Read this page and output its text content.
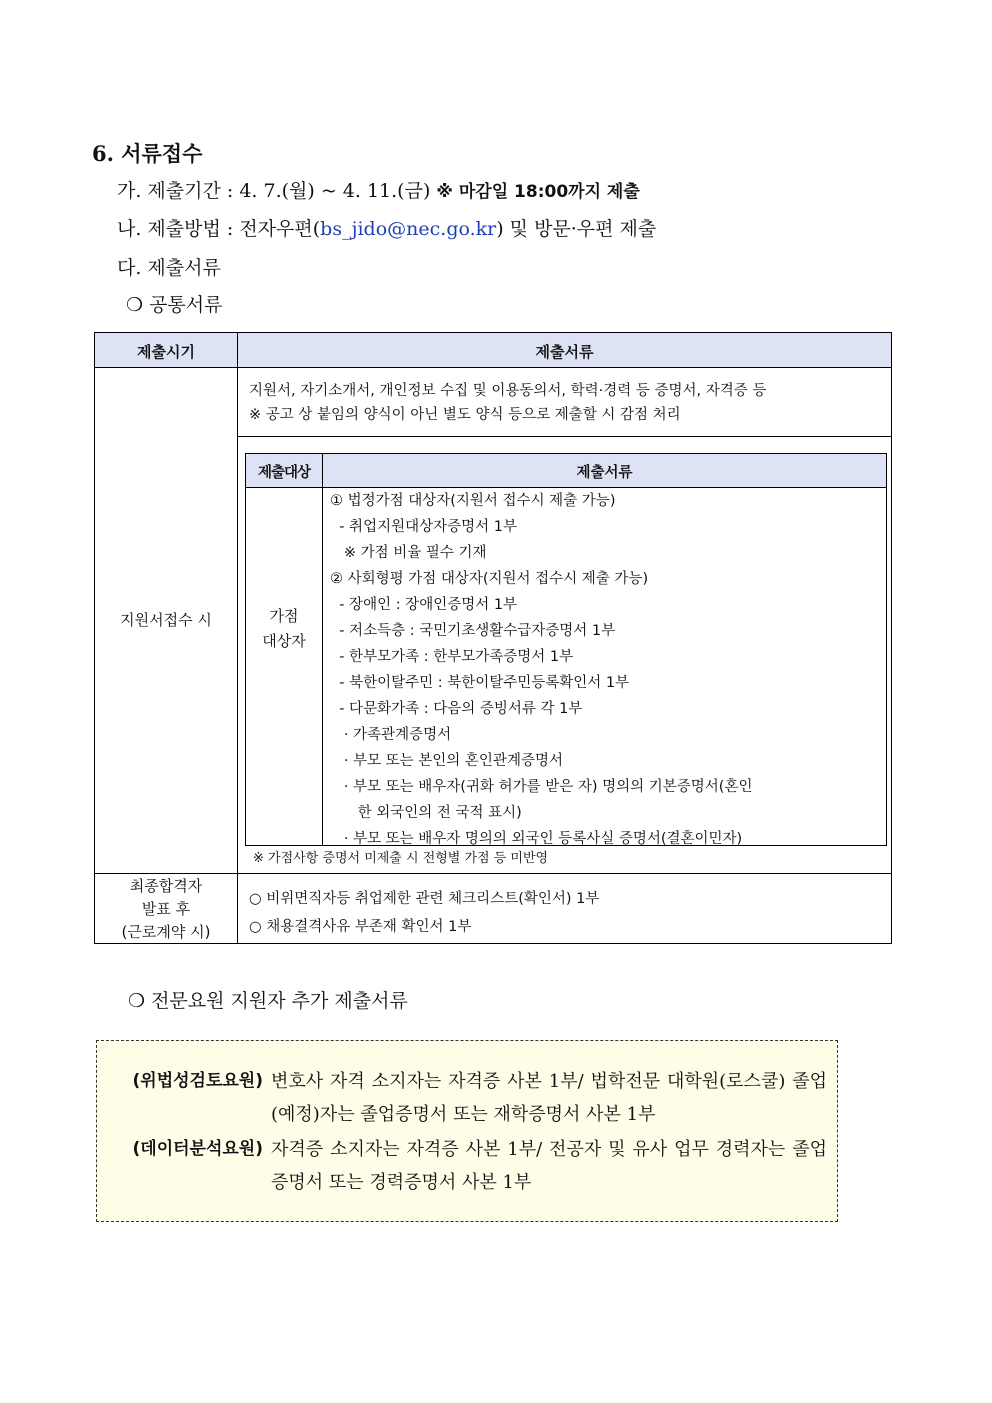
6. 서류접수
가. 제출기간 : 4. 7.(월) ~ 4. 11.(금) ※ 마감일 18:00까지 제출
나. 제출방법 : 전자우편(bs_jido@nec.go.kr) 및 방문·우편 제출
다. 제출서류
❍ 공통서류
제출시기	제출서류
지원서접수 시
지원서, 자기소개서, 개인정보 수집 및 이용동의서, 학력·경력 등 증명서, 자격증 등
※ 공고 상 붙임의 양식이 아닌 별도 양식 등으로 제출할 시 감점 처리
제출대상	제출서류
가점
대상자
① 법정가점 대상자(지원서 접수시 제출 가능)
- 취업지원대상자증명서 1부
※ 가점 비율 필수 기재
② 사회형평 가점 대상자(지원서 접수시 제출 가능)
- 장애인 : 장애인증명서 1부
- 저소득층 : 국민기초생활수급자증명서 1부
- 한부모가족 : 한부모가족증명서 1부
- 북한이탈주민 : 북한이탈주민등록확인서 1부
- 다문화가족 : 다음의 증빙서류 각 1부
· 가족관계증명서
· 부모 또는 본인의 혼인관계증명서
· 부모 또는 배우자(귀화 허가를 받은 자) 명의의 기본증명서(혼인
한 외국인의 전 국적 표시)
· 부모 또는 배우자 명의의 외국인 등록사실 증명서(결혼이민자)
※ 가점사항 증명서 미제출 시 전형별 가점 등 미반영
최종합격자
발표 후
(근로계약 시)
○ 비위면직자등 취업제한 관련 체크리스트(확인서) 1부
○ 채용결격사유 부존재 확인서 1부
❍ 전문요원 지원자 추가 제출서류
(위법성검토요원) 변호사 자격 소지자는 자격증 사본 1부/ 법학전문 대학원(로스쿨) 졸업(예정)자는 졸업증명서 또는 재학증명서 사본 1부
(데이터분석요원) 자격증 소지자는 자격증 사본 1부/ 전공자 및 유사 업무 경력자는 졸업증명서 또는 경력증명서 사본 1부
